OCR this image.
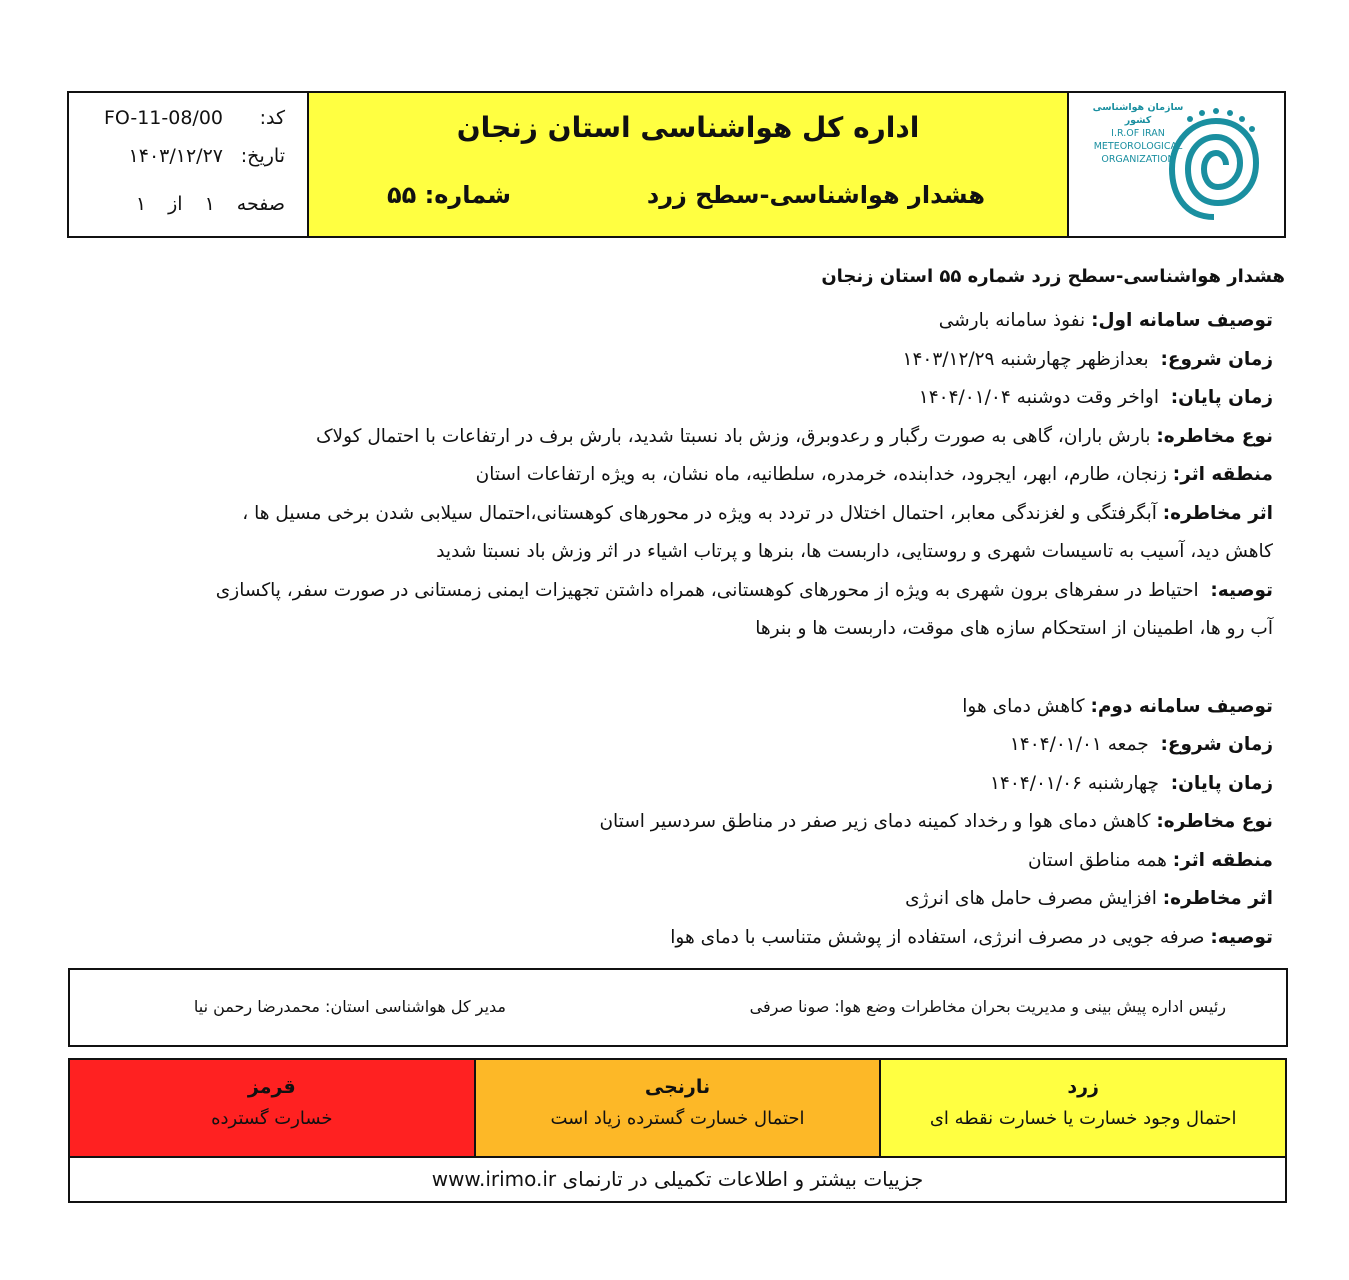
کد:
FO-11-08/00
تاریخ:
۱۴۰۳/۱۲/۲۷
صفحه
۱
از
۱
اداره کل هواشناسی استان زنجان
هشدار هواشناسی-سطح زرد
شماره: ۵۵
سازمان هواشناسی کشور
I.R.OF IRAN
METEOROLOGICAL
ORGANIZATION
هشدار هواشناسی-سطح زرد شماره ۵۵ استان زنجان
توصیف سامانه اول: نفوذ سامانه بارشی
زمان شروع:  بعدازظهر چهارشنبه ۱۴۰۳/۱۲/۲۹
زمان پایان:  اواخر وقت دوشنبه ۱۴۰۴/۰۱/۰۴
نوع مخاطره: بارش باران، گاهی به صورت رگبار و رعدوبرق، وزش باد نسبتا شدید، بارش برف در ارتفاعات با احتمال کولاک
منطقه اثر: زنجان، طارم، ابهر، ایجرود، خدابنده، خرمدره، سلطانیه، ماه نشان، به ویژه ارتفاعات استان
اثر مخاطره: آبگرفتگی و لغزندگی معابر، احتمال اختلال در تردد به ویژه در محورهای کوهستانی،احتمال سیلابی شدن برخی مسیل ها ،
کاهش دید، آسیب به تاسیسات شهری و روستایی، داربست ها، بنرها و پرتاب اشیاء در اثر وزش باد نسبتا شدید
توصیه:  احتیاط در سفرهای برون شهری به ویژه از محورهای کوهستانی، همراه داشتن تجهیزات ایمنی زمستانی در صورت سفر، پاکسازی
آب رو ها، اطمینان از استحکام سازه های موقت، داربست ها و بنرها
توصیف سامانه دوم: کاهش دمای هوا
زمان شروع:  جمعه ۱۴۰۴/۰۱/۰۱
زمان پایان:  چهارشنبه ۱۴۰۴/۰۱/۰۶
نوع مخاطره: کاهش دمای هوا و رخداد کمینه دمای زیر صفر در مناطق سردسیر استان
منطقه اثر: همه مناطق استان
اثر مخاطره: افزایش مصرف حامل های انرژی
توصیه: صرفه جویی در مصرف انرژی، استفاده از پوشش متناسب با دمای هوا
رئیس اداره پیش بینی و مدیریت بحران مخاطرات وضع هوا: صونا صرفی
مدیر کل هواشناسی استان: محمدرضا رحمن نیا
قرمز
خسارت گسترده
نارنجی
احتمال خسارت گسترده زیاد است
زرد
احتمال وجود خسارت یا خسارت نقطه ای
جزییات بیشتر و اطلاعات تکمیلی در تارنمای www.irimo.ir
